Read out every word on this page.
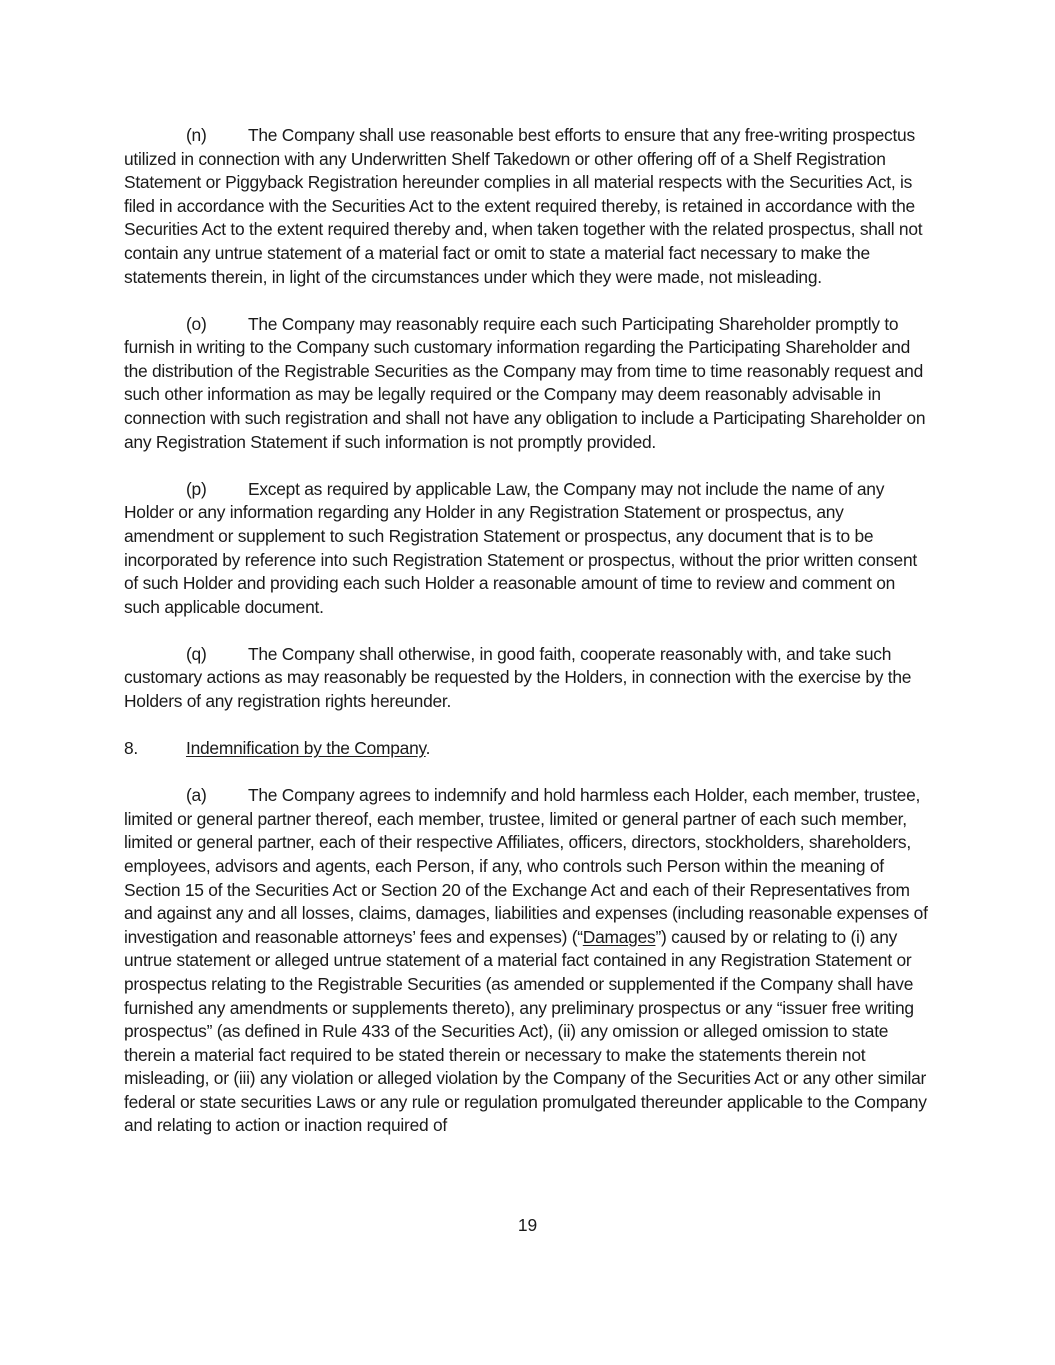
(n) The Company shall use reasonable best efforts to ensure that any free-writing prospectus utilized in connection with any Underwritten Shelf Takedown or other offering off of a Shelf Registration Statement or Piggyback Registration hereunder complies in all material respects with the Securities Act, is filed in accordance with the Securities Act to the extent required thereby, is retained in accordance with the Securities Act to the extent required thereby and, when taken together with the related prospectus, shall not contain any untrue statement of a material fact or omit to state a material fact necessary to make the statements therein, in light of the circumstances under which they were made, not misleading.

(o) The Company may reasonably require each such Participating Shareholder promptly to furnish in writing to the Company such customary information regarding the Participating Shareholder and the distribution of the Registrable Securities as the Company may from time to time reasonably request and such other information as may be legally required or the Company may deem reasonably advisable in connection with such registration and shall not have any obligation to include a Participating Shareholder on any Registration Statement if such information is not promptly provided.

(p) Except as required by applicable Law, the Company may not include the name of any Holder or any information regarding any Holder in any Registration Statement or prospectus, any amendment or supplement to such Registration Statement or prospectus, any document that is to be incorporated by reference into such Registration Statement or prospectus, without the prior written consent of such Holder and providing each such Holder a reasonable amount of time to review and comment on such applicable document.

(q) The Company shall otherwise, in good faith, cooperate reasonably with, and take such customary actions as may reasonably be requested by the Holders, in connection with the exercise by the Holders of any registration rights hereunder.

8.	Indemnification by the Company.

(a) The Company agrees to indemnify and hold harmless each Holder, each member, trustee, limited or general partner thereof, each member, trustee, limited or general partner of each such member, limited or general partner, each of their respective Affiliates, officers, directors, stockholders, shareholders, employees, advisors and agents, each Person, if any, who controls such Person within the meaning of Section 15 of the Securities Act or Section 20 of the Exchange Act and each of their Representatives from and against any and all losses, claims, damages, liabilities and expenses (including reasonable expenses of investigation and reasonable attorneys’ fees and expenses) (“Damages”) caused by or relating to (i) any untrue statement or alleged untrue statement of a material fact contained in any Registration Statement or prospectus relating to the Registrable Securities (as amended or supplemented if the Company shall have furnished any amendments or supplements thereto), any preliminary prospectus or any “issuer free writing prospectus” (as defined in Rule 433 of the Securities Act), (ii) any omission or alleged omission to state therein a material fact required to be stated therein or necessary to make the statements therein not misleading, or (iii) any violation or alleged violation by the Company of the Securities Act or any other similar federal or state securities Laws or any rule or regulation promulgated thereunder applicable to the Company and relating to action or inaction required of

19
